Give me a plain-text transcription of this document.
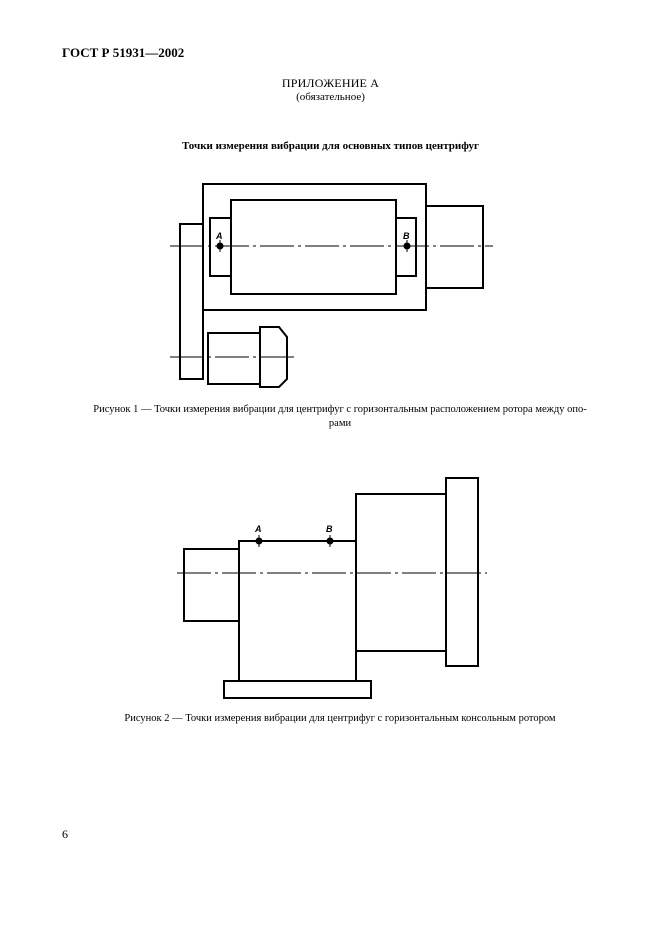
ГОСТ Р 51931—2002
ПРИЛОЖЕНИЕ А
(обязательное)
Точки измерения вибрации для основных типов центрифуг
A	B
A	B
Рисунок 1 — Точки измерения вибрации для центрифуг с горизонтальным расположением ротора между опо-
рами
Рисунок 2 — Точки измерения вибрации для центрифуг с горизонтальным консольным ротором
6
